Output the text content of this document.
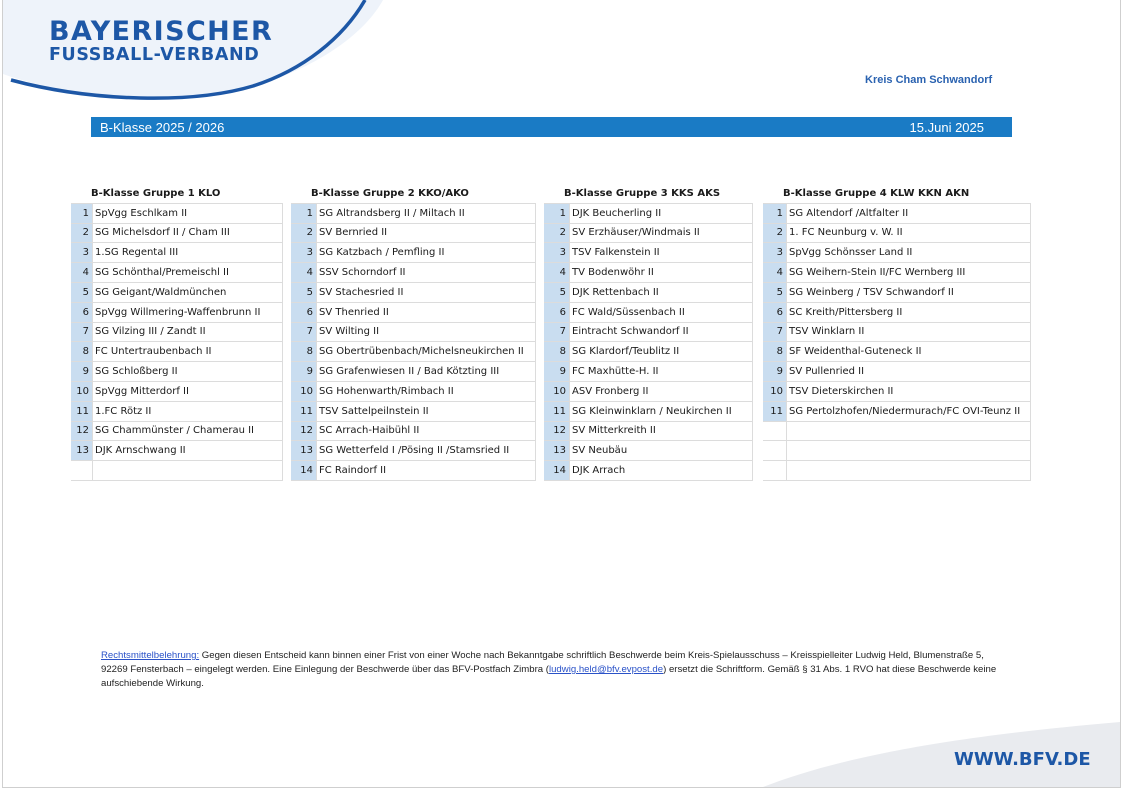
BAYERISCHER
FUSSBALL-VERBAND
Kreis Cham Schwandorf
B-Klasse 2025 / 2026	15.Juni 2025
B-Klasse Gruppe 1 KLO	
1	SpVgg Eschlkam II
2	SG Michelsdorf II / Cham III
3	1.SG Regental III
4	SG Schönthal/Premeischl II
5	SG Geigant/Waldmünchen
6	SpVgg Willmering-Waffenbrunn II
7	SG Vilzing III / Zandt II
8	FC Untertraubenbach II
9	SG Schloßberg II
10	SpVgg Mitterdorf II
11	1.FC Rötz II
12	SG Chammünster / Chamerau II
13	DJK Arnschwang II

B-Klasse Gruppe 2 KKO/AKO	
1	SG Altrandsberg II / Miltach II
2	SV Bernried II
3	SG Katzbach / Pemfling II
4	SSV Schorndorf II
5	SV Stachesried II
6	SV Thenried II
7	SV Wilting II
8	SG Obertrübenbach/Michelsneukirchen II
9	SG Grafenwiesen II / Bad Kötzting III
10	SG Hohenwarth/Rimbach II
11	TSV Sattelpeilnstein II
12	SC Arrach-Haibühl II
13	SG Wetterfeld I /Pösing II /Stamsried II
14	FC Raindorf II
B-Klasse Gruppe 3 KKS AKS	
1	DJK Beucherling II
2	SV Erzhäuser/Windmais II
3	TSV Falkenstein II
4	TV Bodenwöhr II
5	DJK Rettenbach II
6	FC Wald/Süssenbach II
7	Eintracht Schwandorf II
8	SG Klardorf/Teublitz II
9	FC Maxhütte-H. II
10	ASV Fronberg II
11	SG Kleinwinklarn / Neukirchen II
12	SV Mitterkreith II
13	SV Neubäu
14	DJK Arrach
B-Klasse Gruppe 4 KLW KKN AKN	
1	SG Altendorf /Altfalter II
2	1. FC Neunburg v. W. II
3	SpVgg Schönsser Land II
4	SG Weihern-Stein II/FC Wernberg III
5	SG Weinberg / TSV Schwandorf II
6	SC Kreith/Pittersberg II
7	TSV Winklarn II
8	SF Weidenthal-Guteneck II
9	SV Pullenried II
10	TSV Dieterskirchen II
11	SG Pertolzhofen/Niedermurach/FC OVI-Teunz II

Rechtsmittelbelehrung: Gegen diesen Entscheid kann binnen einer Frist von einer Woche nach Bekanntgabe schriftlich Beschwerde beim Kreis-Spielausschuss – Kreisspielleiter Ludwig Held, Blumenstraße 5, 92269 Fensterbach – eingelegt werden. Eine Einlegung der Beschwerde über das BFV-Postfach Zimbra (ludwig.held@bfv.evpost.de) ersetzt die Schriftform. Gemäß § 31 Abs. 1 RVO hat diese Beschwerde keine aufschiebende Wirkung.
WWW.BFV.DE
